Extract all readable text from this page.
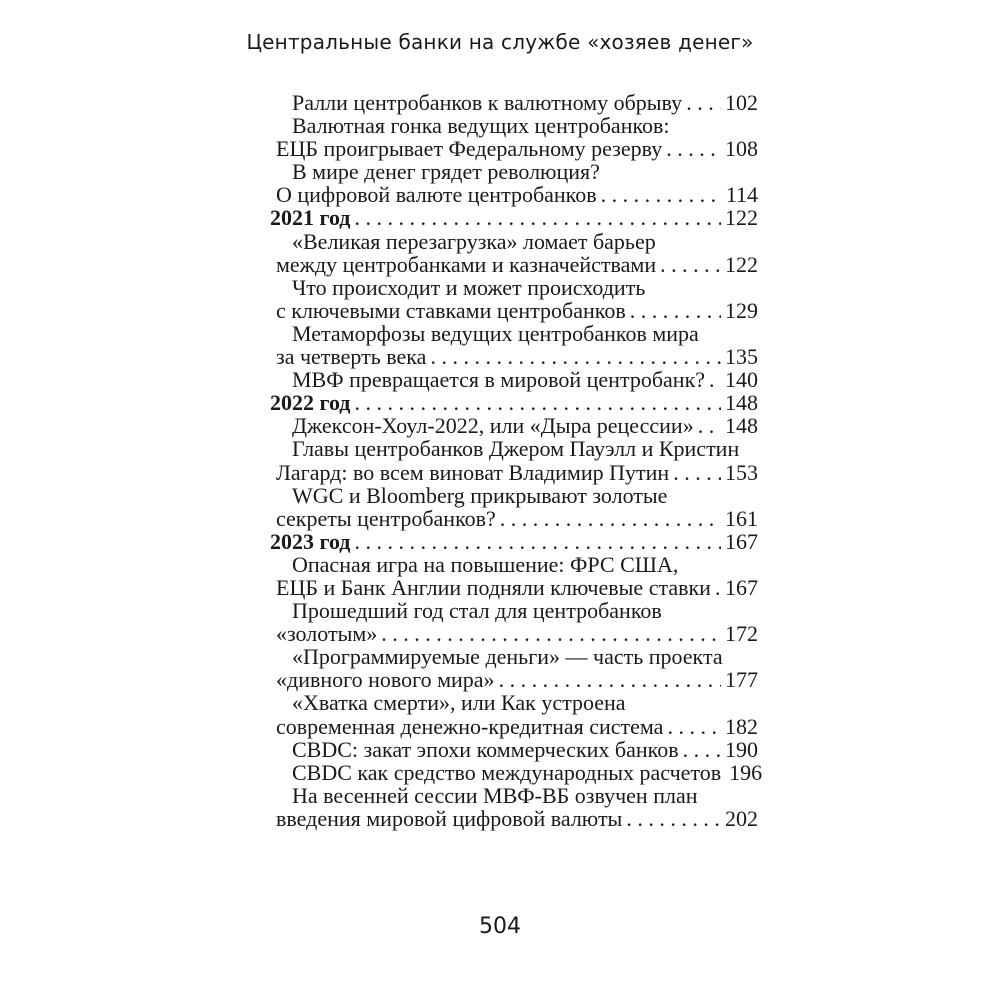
Центральные банки на службе «хозяев денег»
Ралли центробанков к валютному обрыву . . . 102
Валютная гонка ведущих центробанков:
ЕЦБ проигрывает Федеральному резерву . . .	108
В мире денег грядет революция?
О цифровой валюте центробанков . . .	114
2021 год . . .	122
«Великая перезагрузка» ломает барьер
между центробанками и казначействами . . .	122
Что происходит и может происходить
с ключевыми ставками центробанков . . .	129
Метаморфозы ведущих центробанков мира
за четверть века . . .	135
МВФ превращается в мировой центробанк? . . . 140
2022 год . . .	148
Джексон-Хоул-2022, или «Дыра рецессии» . . . 148
Главы центробанков Джером Пауэлл и Кристин
Лагард: во всем виноват Владимир Путин . . .	153
WGC и Bloomberg прикрывают золотые
секреты центробанков? . . .	161
2023 год . . .	167
Опасная игра на повышение: ФРС США,
ЕЦБ и Банк Англии подняли ключевые ставки . . . 167
Прошедший год стал для центробанков
«золотым» . . .	172
«Программируемые деньги» — часть проекта
«дивного нового мира» . . .	177
«Хватка смерти», или Как устроена
современная денежно-кредитная система . . .	182
CBDC: закат эпохи коммерческих банков . . . 190
CBDC как средство международных расчетов 196
На весенней сессии МВФ-ВБ озвучен план
введения мировой цифровой валюты . . .	202
504
